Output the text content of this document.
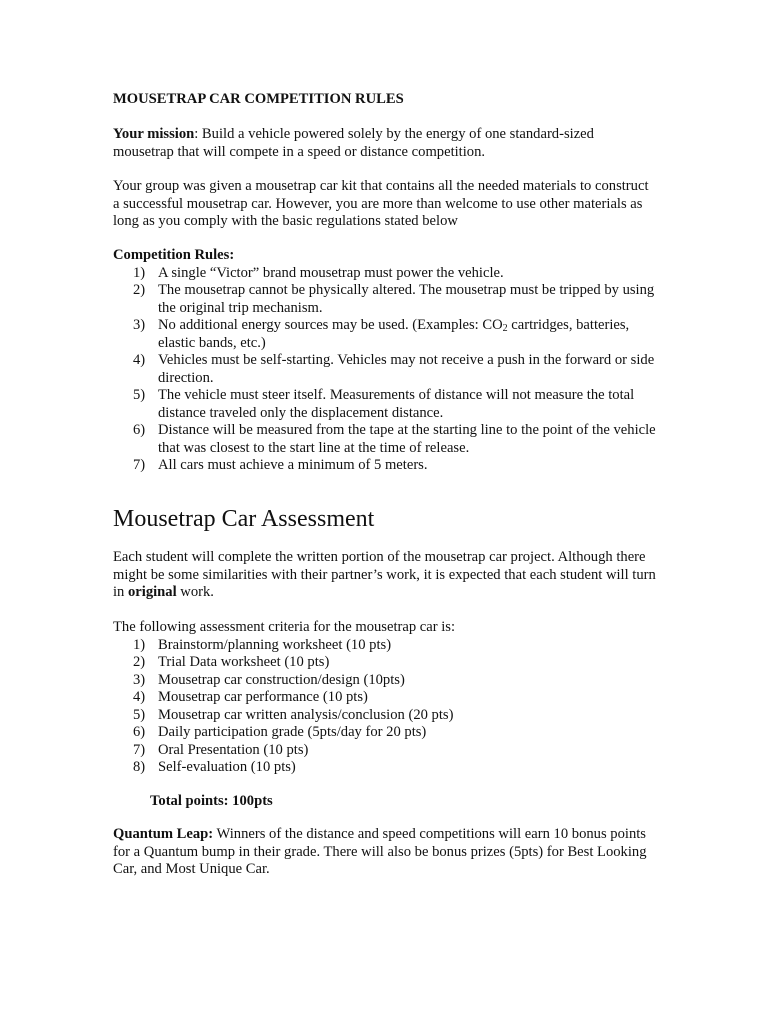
MOUSETRAP CAR COMPETITION RULES

Your mission: Build a vehicle powered solely by the energy of one standard-sized mousetrap that will compete in a speed or distance competition.

Your group was given a mousetrap car kit that contains all the needed materials to construct a successful mousetrap car. However, you are more than welcome to use other materials as long as you comply with the basic regulations stated below

Competition Rules:
1) A single “Victor” brand mousetrap must power the vehicle.
2) The mousetrap cannot be physically altered. The mousetrap must be tripped by using the original trip mechanism.
3) No additional energy sources may be used. (Examples: $CO_2$ cartridges, batteries, elastic bands, etc.)
4) Vehicles must be self-starting. Vehicles may not receive a push in the forward or side direction.
5) The vehicle must steer itself. Measurements of distance will not measure the total distance traveled only the displacement distance.
6) Distance will be measured from the tape at the starting line to the point of the vehicle that was closest to the start line at the time of release.
7) All cars must achieve a minimum of 5 meters.
Mousetrap Car Assessment

Each student will complete the written portion of the mousetrap car project. Although there might be some similarities with their partner’s work, it is expected that each student will turn in original work.

The following assessment criteria for the mousetrap car is:
1) Brainstorm/planning worksheet (10 pts)
2) Trial Data worksheet (10 pts)
3) Mousetrap car construction/design (10pts)
4) Mousetrap car performance (10 pts)
5) Mousetrap car written analysis/conclusion (20 pts)
6) Daily participation grade (5pts/day for 20 pts)
7) Oral Presentation (10 pts)
8) Self-evaluation (10 pts)
Total points: 100pts

Quantum Leap: Winners of the distance and speed competitions will earn 10 bonus points for a Quantum bump in their grade. There will also be bonus prizes (5pts) for Best Looking Car, and Most Unique Car.
